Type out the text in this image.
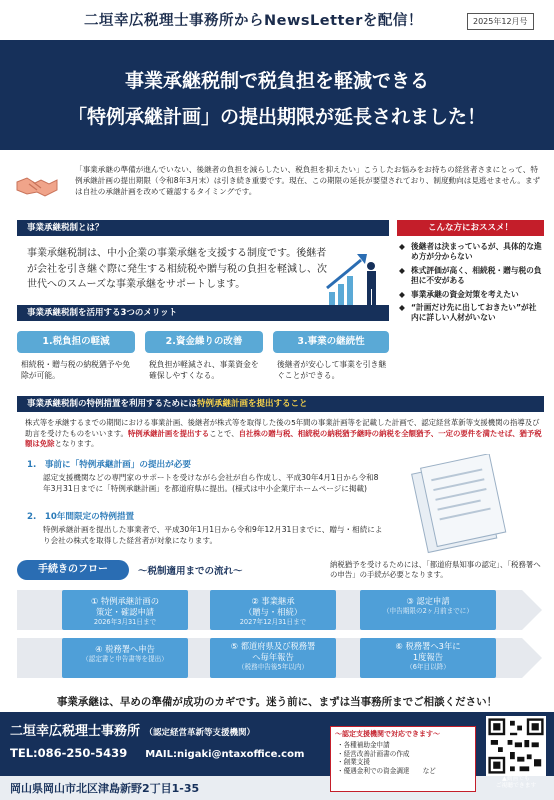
二垣幸広税理士事務所からNewsLetterを配信！	2025年12月号
事業承継税制で税負担を軽減できる
「特例承継計画」の提出期限が延長されました！
「事業承継の準備が進んでいない、後継者の負担を減らしたい、税負担を抑えたい」こうしたお悩みをお持ちの経営者さまにとって、特例承継計画の提出期限（令和8年3月末）は引き続き重要です。現在、この期限の延長が要望されており、制度動向は見逃せません。まずは自社の承継計画を改めて確認するタイミングです。
事業承継税制とは？
事業承継税制は、中小企業の事業承継を支援する制度です。後継者が会社を引き継ぐ際に発生する相続税や贈与税の負担を軽減し、次世代へのスムーズな事業承継をサポートします。
こんな方におススメ！
◆ 後継者は決まっているが、具体的な進め方が分からない
◆ 株式評価が高く、相続税・贈与税の負担に不安がある
◆ 事業承継の資金対策を考えたい
◆ “計画だけ先に出しておきたい”が社内に詳しい人材がいない
事業承継税制を活用する3つのメリット
1.税負担の軽減	2.資金繰りの改善	3.事業の継続性
相続税・贈与税の納税猶予や免除が可能。
税負担が軽減され、事業資金を確保しやすくなる。
後継者が安心して事業を引き継ぐことができる。
事業承継税制の特例措置を利用するためには特例承継計画を提出すること
株式等を承継するまでの期間における事業計画、後継者が株式等を取得した後の5年間の事業計画等を記載した計画で、認定経営革新等支援機関の指導及び助言を受けたものをいいます。特例承継計画を提出することで、自社株の贈与税、相続税の納税猶予継時の納税を全額猶予、一定の要件を満たせば、猶予税額は免除となります。
1.　事前に「特例承継計画」の提出が必要
認定支援機関などの専門家のサポートを受けながら会社が自ら作成し、平成30年4月1日から令和8年3月31日までに「特例承継計画」を都道府県に提出。(様式は中小企業庁ホームページに掲載)
2.　10年間限定の特例措置
特例承継計画を提出した事業者で、平成30年1月1日から令和9年12月31日までに、贈与・相続により会社の株式を取得した経営者が対象になります。
手続きのフロー	～税制適用までの流れ～
納税猶予を受けるためには、「都道府県知事の認定」、「税務署への申告」の手続が必要となります。
① 特例承継計画の
策定・確認申請
2026年3月31日まで
② 事業継承
（贈与・相続）
2027年12月31日まで
③ 認定申請
（申告期限の2ヶ月前までに）
④ 税務署へ申告
（認定書と申告書等を提出）
⑤ 都道府県及び税務署
へ毎年報告
（税務申告後5年以内）
⑥ 税務署へ3年に
1度報告
（6年目以降）
事業承継は、早めの準備が成功のカギです。迷う前に、まずは当事務所までご相談ください！
二垣幸広税理士事務所 （認定経営革新等支援機関）
TEL:086-250-5439 MAIL:nigaki@ntaxoffice.com
岡山県岡山市北区津島新野2丁目1-35
～認定支援機関で対応できます～
・各種補助金申請
・経営改善計画書の作成
・創業支援
・優遇金利での資金調達　　など
▲動画でも
ご視聴できます
